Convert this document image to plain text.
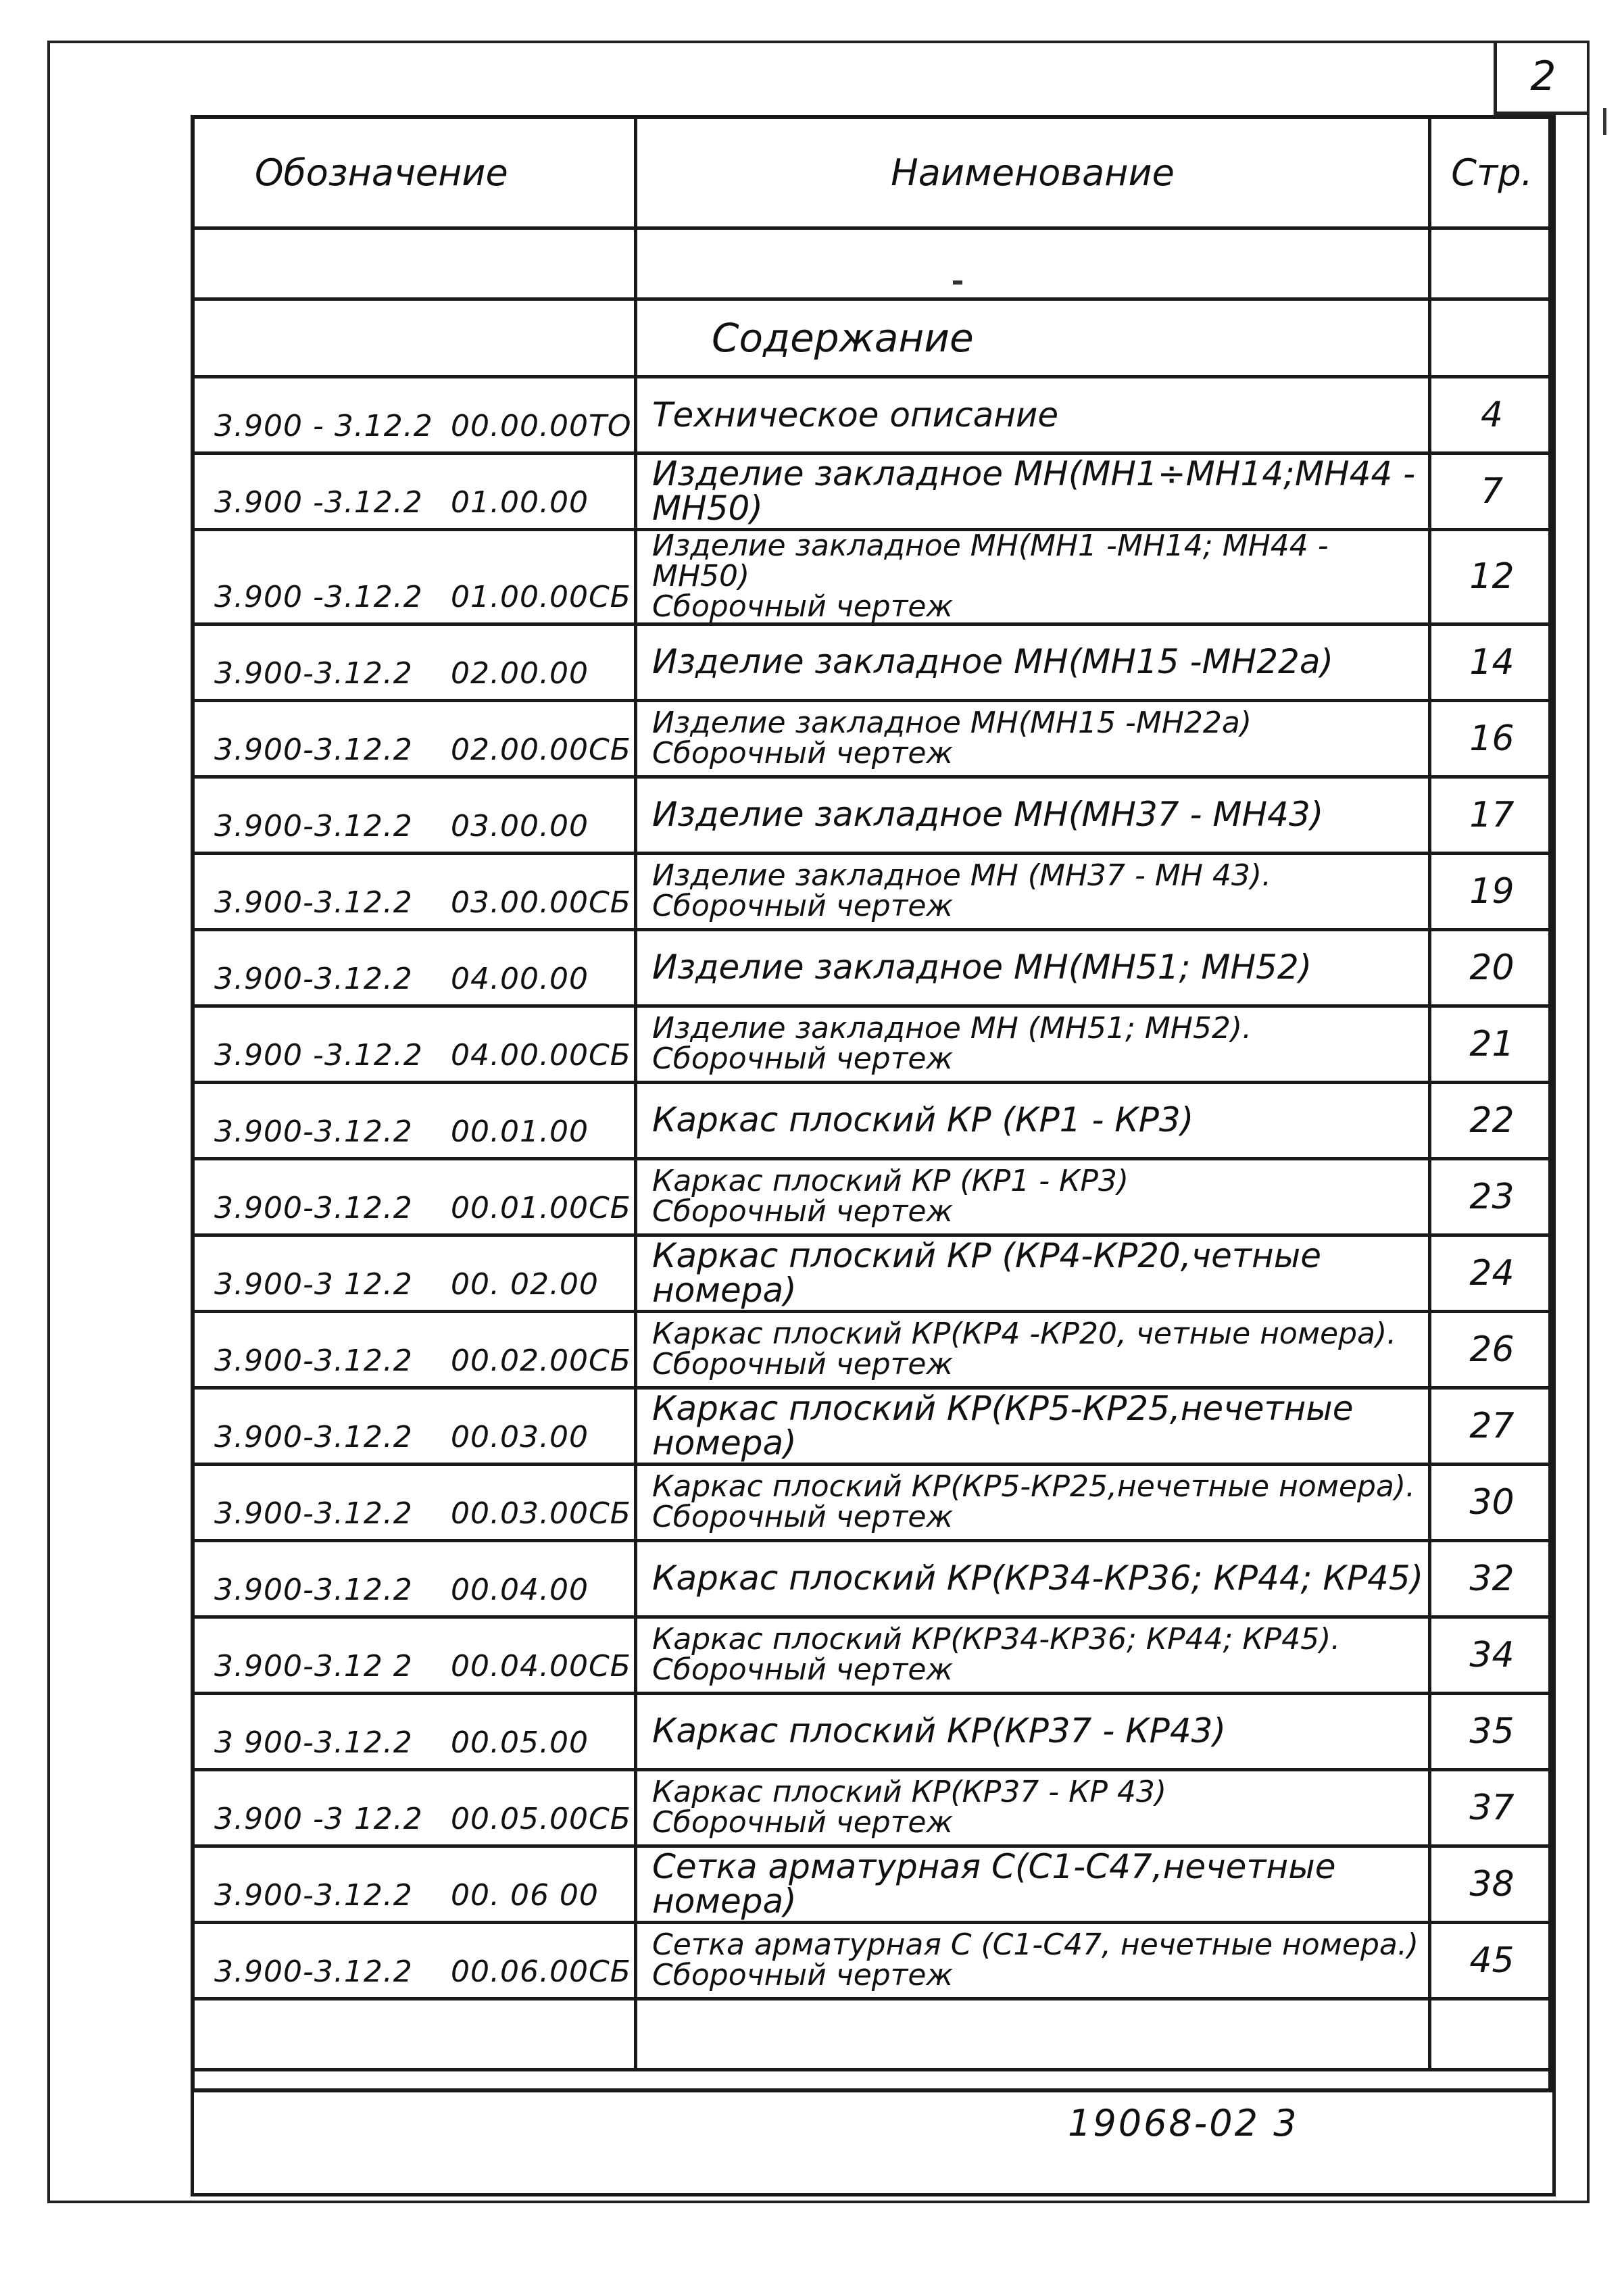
2
Обозначение	Наименование	Стр.

	Содержание	

3.900 - 3.12.2 00.00.00ТО	Техническое описание	4

3.900 -3.12.2 01.00.00	Изделие закладное МН(МН1÷МН14;МН44 - МН50)	7

3.900 -3.12.2 01.00.00СБ	Изделие закладное МН(МН1 -МН14; МН44 - МН50)
Сборочный чертеж	12

3.900-3.12.2 02.00.00	Изделие закладное МН(МН15 -МН22а)	14

3.900-3.12.2 02.00.00СБ	Изделие закладное МН(МН15 -МН22а)
Сборочный чертеж	16

3.900-3.12.2 03.00.00	Изделие закладное МН(МН37 - МН43)	17

3.900-3.12.2 03.00.00СБ	Изделие закладное МН (МН37 - МН 43).
Сборочный чертеж	19

3.900-3.12.2 04.00.00	Изделие закладное МН(МН51; МН52)	20

3.900 -3.12.2 04.00.00СБ	Изделие закладное МН (МН51; МН52).
Сборочный чертеж	21

3.900-3.12.2 00.01.00	Каркас плоский КР (КР1 - КР3)	22

3.900-3.12.2 00.01.00СБ	Каркас плоский КР (КР1 - КР3)
Сборочный чертеж	23

3.900-3 12.2 00. 02.00	Каркас плоский КР (КР4-КР20,четные номера)	24

3.900-3.12.2 00.02.00СБ	Каркас плоский КР(КР4 -КР20, четные номера).
Сборочный чертеж	26

3.900-3.12.2 00.03.00	Каркас плоский КР(КР5-КР25,нечетные номера)	27

3.900-3.12.2 00.03.00СБ	Каркас плоский КР(КР5-КР25,нечетные номера).
Сборочный чертеж	30

3.900-3.12.2 00.04.00	Каркас плоский КР(КР34-КР36; КР44; КР45)	32

3.900-3.12 2 00.04.00СБ	Каркас плоский КР(КР34-КР36; КР44; КР45).
Сборочный чертеж	34

3 900-3.12.2 00.05.00	Каркас плоский КР(КР37 - КР43)	35

3.900 -3 12.2 00.05.00СБ	Каркас плоский КР(КР37 - КР 43)
Сборочный чертеж	37

3.900-3.12.2 00. 06 00	Сетка арматурная С(С1-С47,нечетные номера)	38

3.900-3.12.2 00.06.00СБ	Сетка арматурная С (С1-С47, нечетные номера.)
Сборочный чертеж	45

19068-02 3
